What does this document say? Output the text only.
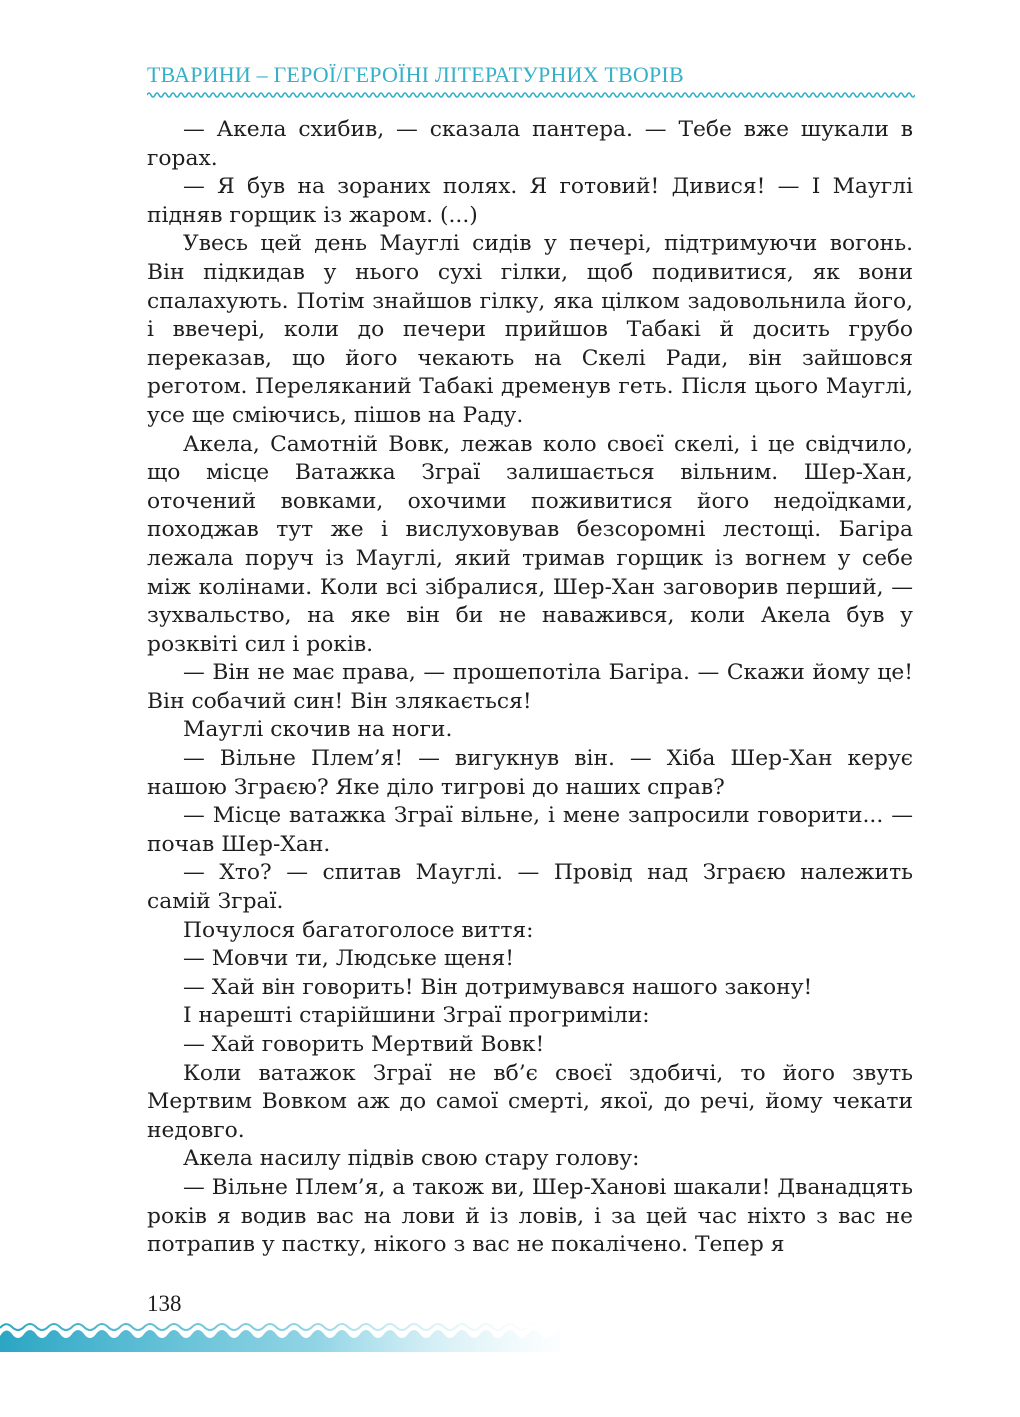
ТВАРИНИ – ГЕРОЇ/ГЕРОЇНІ ЛІТЕРАТУРНИХ ТВОРІВ

— Акела схибив, — сказала пантера. — Тебе вже шукали в горах.

— Я був на зораних полях. Я готовий! Дивися! — І Мауглі підняв горщик із жаром. (...)

Увесь цей день Мауглі сидів у печері, підтримуючи вогонь. Він підкидав у нього сухі гілки, щоб подивитися, як вони спалахують. Потім знайшов гілку, яка цілком задовольнила його, і ввечері, коли до печери прийшов Табакі й досить грубо переказав, що його чекають на Скелі Ради, він зайшовся реготом. Переляканий Табакі дременув геть. Після цього Мауглі, усе ще сміючись, пішов на Раду.

Акела, Самотній Вовк, лежав коло своєї скелі, і це свідчило, що місце Ватажка Зграї залишається вільним. Шер-Хан, оточений вовками, охочими поживитися його недоїдками, походжав тут же і вислуховував безсоромні лестощі. Багіра лежала поруч із Мауглі, який тримав горщик із вогнем у себе між колінами. Коли всі зібралися, Шер-Хан заговорив перший, — зухвальство, на яке він би не наважився, коли Акела був у розквіті сил і років.

— Він не має права, — прошепотіла Багіра. — Скажи йому це! Він собачий син! Він злякається!

Мауглі скочив на ноги.

— Вільне Плем’я! — вигукнув він. — Хіба Шер-Хан керує нашою Зграєю? Яке діло тигрові до наших справ?

— Місце ватажка Зграї вільне, і мене запросили говорити... — почав Шер-Хан.

— Хто? — спитав Мауглі. — Провід над Зграєю належить самій Зграї.

Почулося багатоголосе виття:

— Мовчи ти, Людське щеня!

— Хай він говорить! Він дотримувався нашого закону!

І нарешті старійшини Зграї прогриміли:

— Хай говорить Мертвий Вовк!

Коли ватажок Зграї не вб’є своєї здобичі, то його звуть Мертвим Вовком аж до самої смерті, якої, до речі, йому чекати недовго.

Акела насилу підвів свою стару голову:

— Вільне Плем’я, а також ви, Шер-Ханові шакали! Дванадцять років я водив вас на лови й із ловів, і за цей час ніхто з вас не потрапив у пастку, нікого з вас не покалічено. Тепер я

138
